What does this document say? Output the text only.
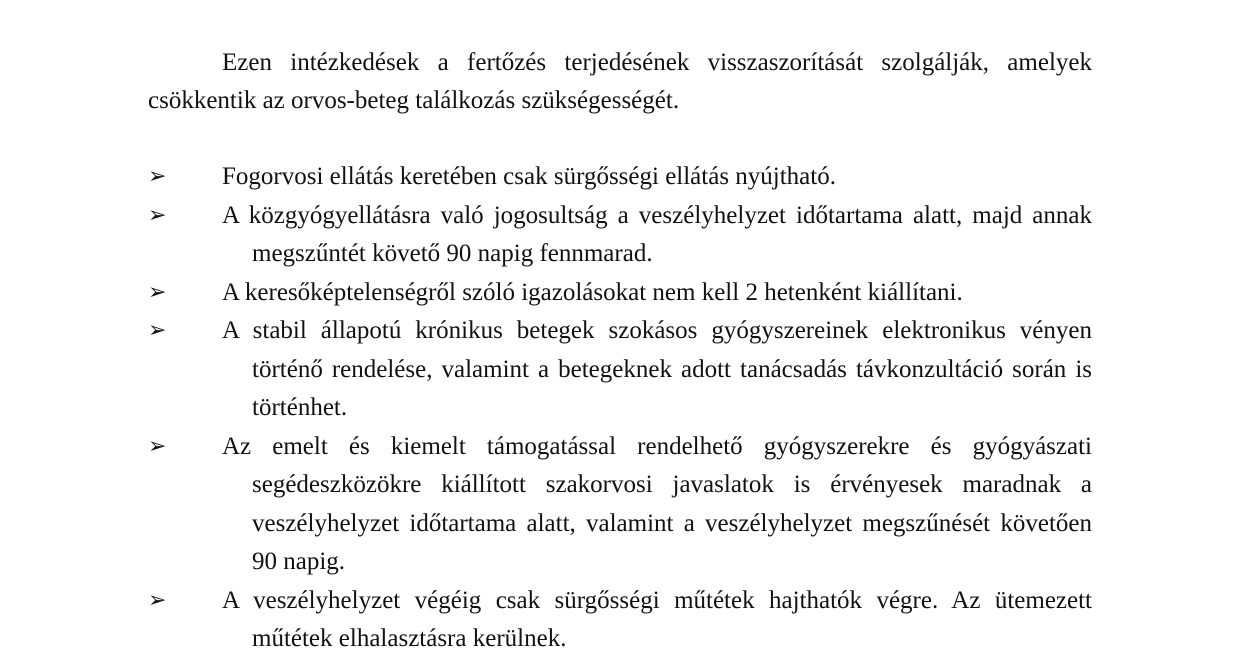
Ezen intézkedések a fertőzés terjedésének visszaszorítását szolgálják, amelyek csökkentik az orvos-beteg találkozás szükségességét.

➢ Fogorvosi ellátás keretében csak sürgősségi ellátás nyújtható.
➢ A közgyógyellátásra való jogosultság a veszélyhelyzet időtartama alatt, majd annak megszűntét követő 90 napig fennmarad.
➢ A keresőképtelenségről szóló igazolásokat nem kell 2 hetenként kiállítani.
➢ A stabil állapotú krónikus betegek szokásos gyógyszereinek elektronikus vényen történő rendelése, valamint a betegeknek adott tanácsadás távkonzultáció során is történhet.
➢ Az emelt és kiemelt támogatással rendelhető gyógyszerekre és gyógyászati segédeszközökre kiállított szakorvosi javaslatok is érvényesek maradnak a veszélyhelyzet időtartama alatt, valamint a veszélyhelyzet megszűnését követően 90 napig.
➢ A veszélyhelyzet végéig csak sürgősségi műtétek hajthatók végre. Az ütemezett műtétek elhalasztásra kerülnek.
